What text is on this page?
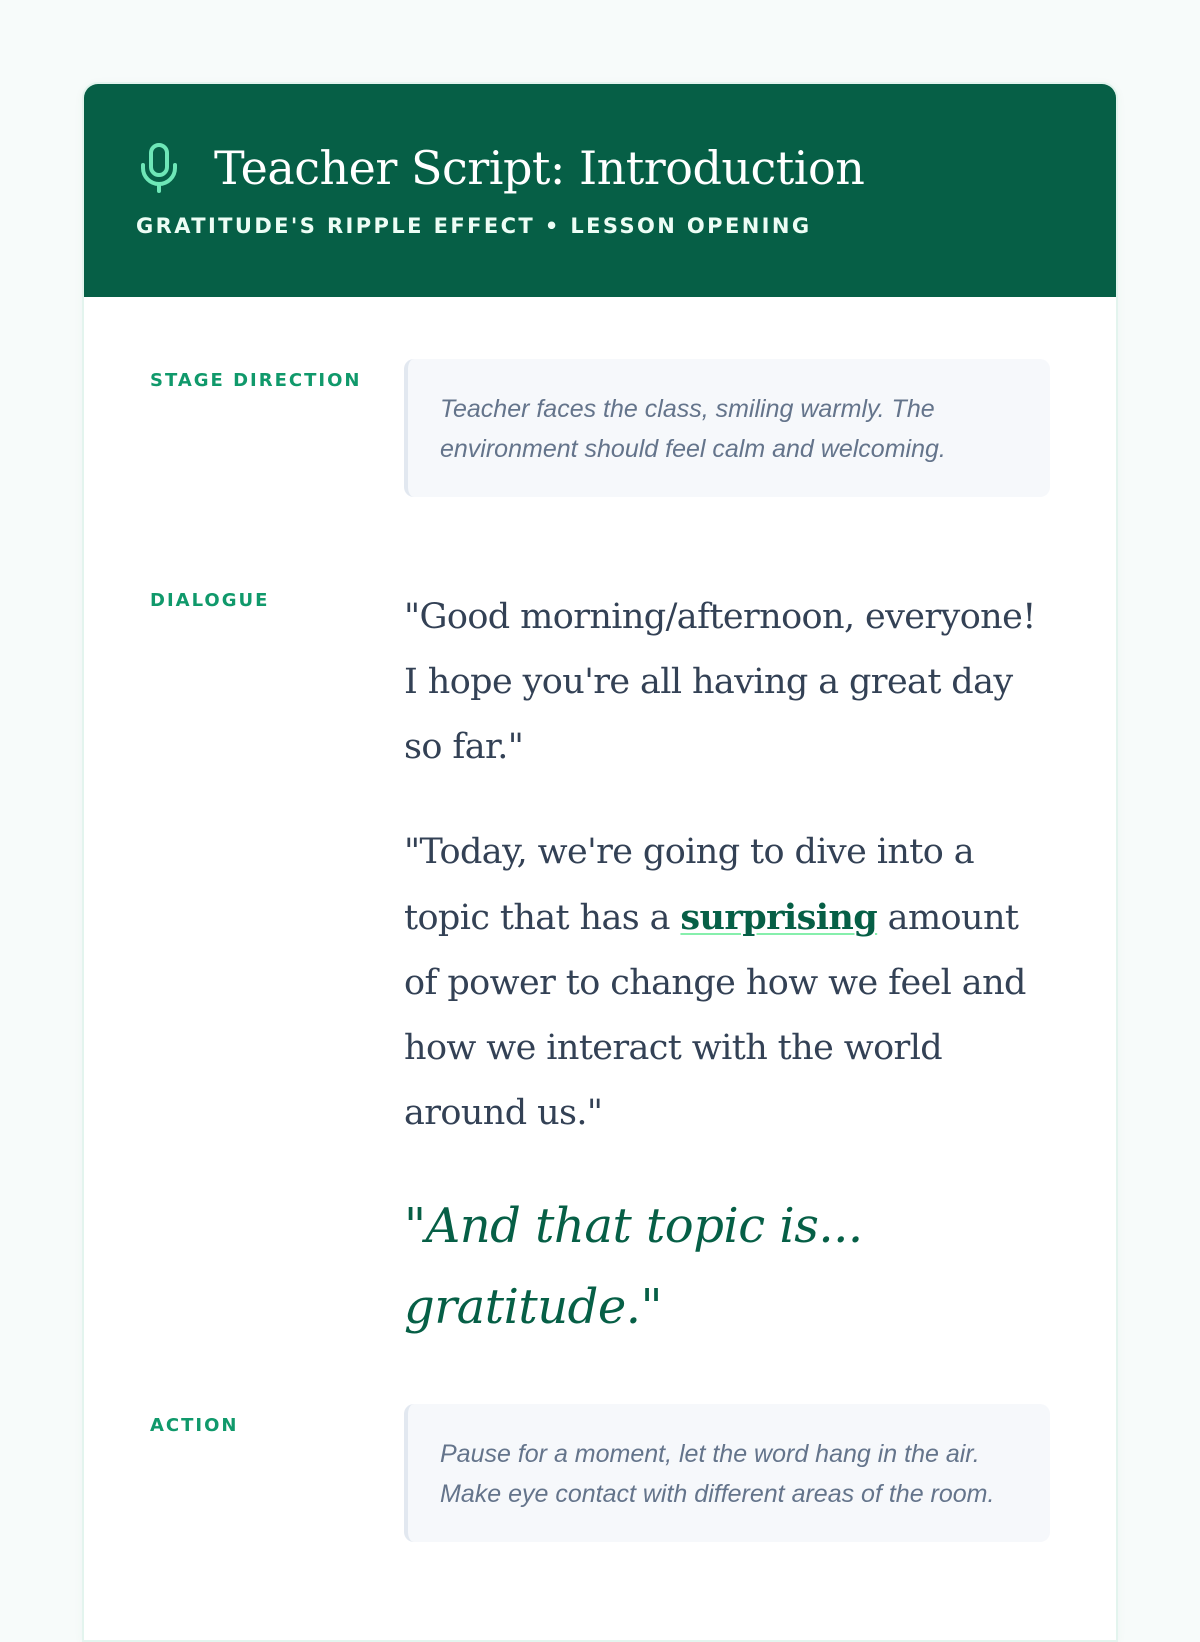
Teacher Script: Introduction
GRATITUDE'S RIPPLE EFFECT • LESSON OPENING
STAGE DIRECTION
Teacher faces the class, smiling warmly. The environment should feel calm and welcoming.
DIALOGUE	"Good morning/afternoon, everyone! I hope you're all having a great day so far."

"Today, we're going to dive into a topic that has a surprising amount of power to change how we feel and how we interact with the world around us."

"And that topic is... gratitude."
ACTION
Pause for a moment, let the word hang in the air. Make eye contact with different areas of the room.
